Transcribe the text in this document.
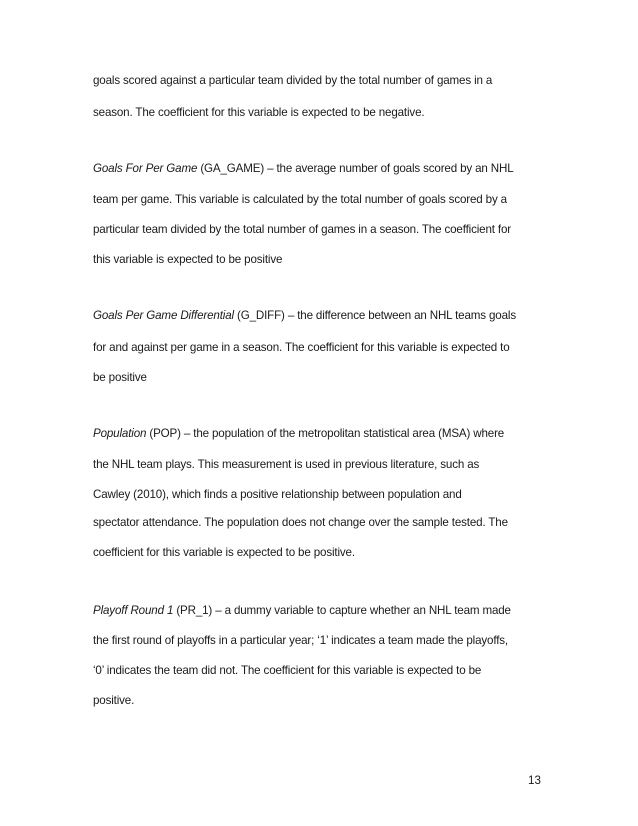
goals scored against a particular team divided by the total number of games in a
season. The coefficient for this variable is expected to be negative.
Goals For Per Game (GA_GAME) – the average number of goals scored by an NHL
team per game. This variable is calculated by the total number of goals scored by a
particular team divided by the total number of games in a season. The coefficient for
this variable is expected to be positive
Goals Per Game Differential (G_DIFF) – the difference between an NHL teams goals
for and against per game in a season. The coefficient for this variable is expected to
be positive
Population (POP) – the population of the metropolitan statistical area (MSA) where
the NHL team plays. This measurement is used in previous literature, such as
Cawley (2010), which finds a positive relationship between population and
spectator attendance. The population does not change over the sample tested. The
coefficient for this variable is expected to be positive.
Playoff Round 1 (PR_1) – a dummy variable to capture whether an NHL team made
the first round of playoffs in a particular year; ‘1’ indicates a team made the playoffs,
‘0’ indicates the team did not. The coefficient for this variable is expected to be
positive.
13
